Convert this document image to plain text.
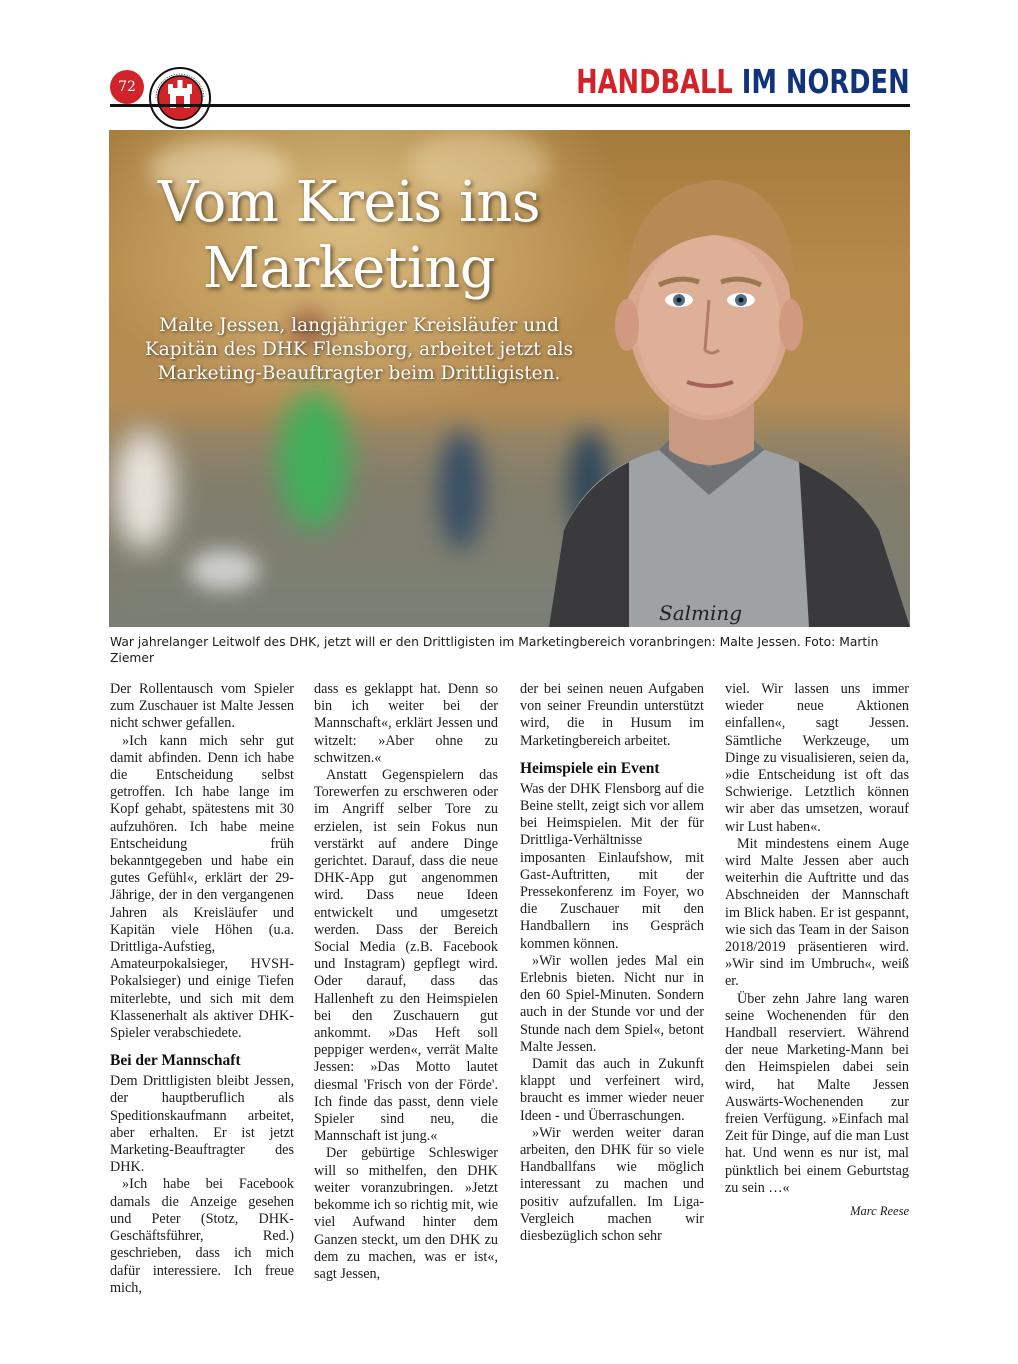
72	HANDBALL IM NORDEN
Salming
Vom Kreis ins Marketing
Malte Jessen, langjähriger Kreisläufer und Kapitän des DHK Flensborg, arbeitet jetzt als Marketing-Beauftragter beim Drittligisten.
War jahrelanger Leitwolf des DHK, jetzt will er den Drittligisten im Marketingbereich voranbringen: Malte Jessen. Foto: Martin Ziemer

Der Rollentausch vom Spieler zum Zuschauer ist Malte Jessen nicht schwer gefallen.

»Ich kann mich sehr gut damit abfinden. Denn ich habe die Entscheidung selbst getroffen. Ich habe lange im Kopf gehabt, spätestens mit 30 aufzuhören. Ich habe meine Entscheidung früh bekanntgegeben und habe ein gutes Gefühl«, erklärt der 29-Jährige, der in den vergangenen Jahren als Kreisläufer und Kapitän viele Höhen (u.a. Drittliga-Aufstieg, Amateurpokalsieger, HVSH-Pokalsieger) und einige Tiefen miterlebte, und sich mit dem Klassenerhalt als aktiver DHK-Spieler verabschiedete.

Bei der Mannschaft

Dem Drittligisten bleibt Jessen, der hauptberuflich als Speditionskaufmann arbeitet, aber erhalten. Er ist jetzt Marketing-Beauftragter des DHK.

»Ich habe bei Facebook damals die Anzeige gesehen und Peter (Stotz, DHK-Geschäftsführer, Red.) geschrieben, dass ich mich dafür interessiere. Ich freue mich,

dass es geklappt hat. Denn so bin ich weiter bei der Mannschaft«, erklärt Jessen und witzelt: »Aber ohne zu schwitzen.«

Anstatt Gegenspielern das Torewerfen zu erschweren oder im Angriff selber Tore zu erzielen, ist sein Fokus nun verstärkt auf andere Dinge gerichtet. Darauf, dass die neue DHK-App gut angenommen wird. Dass neue Ideen entwickelt und umgesetzt werden. Dass der Bereich Social Media (z.B. Facebook und Instagram) gepflegt wird. Oder darauf, dass das Hallenheft zu den Heimspielen bei den Zuschauern gut ankommt. »Das Heft soll peppiger werden«, verrät Malte Jessen: »Das Motto lautet diesmal 'Frisch von der Förde'. Ich finde das passt, denn viele Spieler sind neu, die Mannschaft ist jung.«

Der gebürtige Schleswiger will so mithelfen, den DHK weiter voranzubringen. »Jetzt bekomme ich so richtig mit, wie viel Aufwand hinter dem Ganzen steckt, um den DHK zu dem zu machen, was er ist«, sagt Jessen,

der bei seinen neuen Aufgaben von seiner Freundin unterstützt wird, die in Husum im Marketingbereich arbeitet.

Heimspiele ein Event

Was der DHK Flensborg auf die Beine stellt, zeigt sich vor allem bei Heimspielen. Mit der für Drittliga-Verhältnisse imposanten Einlaufshow, mit Gast-Auftritten, mit der Pressekonferenz im Foyer, wo die Zuschauer mit den Handballern ins Gespräch kommen können.

»Wir wollen jedes Mal ein Erlebnis bieten. Nicht nur in den 60 Spiel-Minuten. Sondern auch in der Stunde vor und der Stunde nach dem Spiel«, betont Malte Jessen.

Damit das auch in Zukunft klappt und verfeinert wird, braucht es immer wieder neuer Ideen - und Überraschungen.

»Wir werden weiter daran arbeiten, den DHK für so viele Handballfans wie möglich interessant zu machen und positiv aufzufallen. Im Liga-Vergleich machen wir diesbezüglich schon sehr

viel. Wir lassen uns immer wieder neue Aktionen einfallen«, sagt Jessen. Sämtliche Werkzeuge, um Dinge zu visualisieren, seien da, »die Entscheidung ist oft das Schwierige. Letztlich können wir aber das umsetzen, worauf wir Lust haben«.

Mit mindestens einem Auge wird Malte Jessen aber auch weiterhin die Auftritte und das Abschneiden der Mannschaft im Blick haben. Er ist gespannt, wie sich das Team in der Saison 2018/2019 präsentieren wird. »Wir sind im Umbruch«, weiß er.

Über zehn Jahre lang waren seine Wochenenden für den Handball reserviert. Während der neue Marketing-Mann bei den Heimspielen dabei sein wird, hat Malte Jessen Auswärts-Wochenenden zur freien Verfügung. »Einfach mal Zeit für Dinge, auf die man Lust hat. Und wenn es nur ist, mal pünktlich bei einem Geburtstag zu sein …«

Marc Reese
